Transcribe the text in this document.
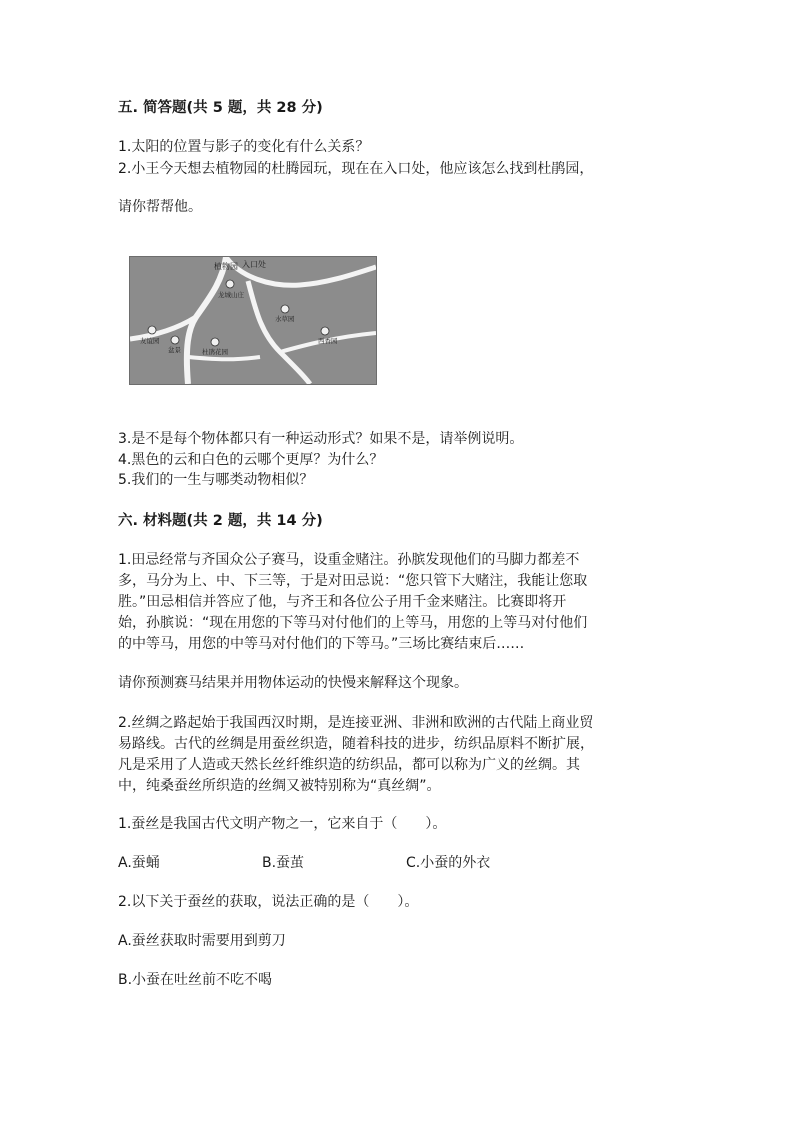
五. 简答题(共 5 题，共 28 分)
1.太阳的位置与影子的变化有什么关系？
2.小王今天想去植物园的杜腾园玩，现在在入口处，他应该怎么找到杜鹃园，
请你帮帮他。
植物园 入口处
龙城山庄
水草园
西香园
友谊园
盆景	杜鹃花园
3.是不是每个物体都只有一种运动形式？如果不是，请举例说明。
4.黑色的云和白色的云哪个更厚？为什么？
5.我们的一生与哪类动物相似？
六. 材料题(共 2 题，共 14 分)
1.田忌经常与齐国众公子赛马，设重金赌注。孙膑发现他们的马脚力都差不
多，马分为上、中、下三等，于是对田忌说：“您只管下大赌注，我能让您取
胜。”田忌相信并答应了他，与齐王和各位公子用千金来赌注。比赛即将开
始，孙膑说：“现在用您的下等马对付他们的上等马，用您的上等马对付他们
的中等马，用您的中等马对付他们的下等马。”三场比赛结束后……
请你预测赛马结果并用物体运动的快慢来解释这个现象。
2.丝绸之路起始于我国西汉时期，是连接亚洲、非洲和欧洲的古代陆上商业贸
易路线。古代的丝绸是用蚕丝织造，随着科技的进步，纺织品原料不断扩展，
凡是采用了人造或天然长丝纤维织造的纺织品，都可以称为广义的丝绸。其
中，纯桑蚕丝所织造的丝绸又被特别称为“真丝绸”。
1.蚕丝是我国古代文明产物之一，它来自于（　　）。
A.蚕蛹	B.蚕茧	C.小蚕的外衣
2.以下关于蚕丝的获取，说法正确的是（　　）。
A.蚕丝获取时需要用到剪刀
B.小蚕在吐丝前不吃不喝
